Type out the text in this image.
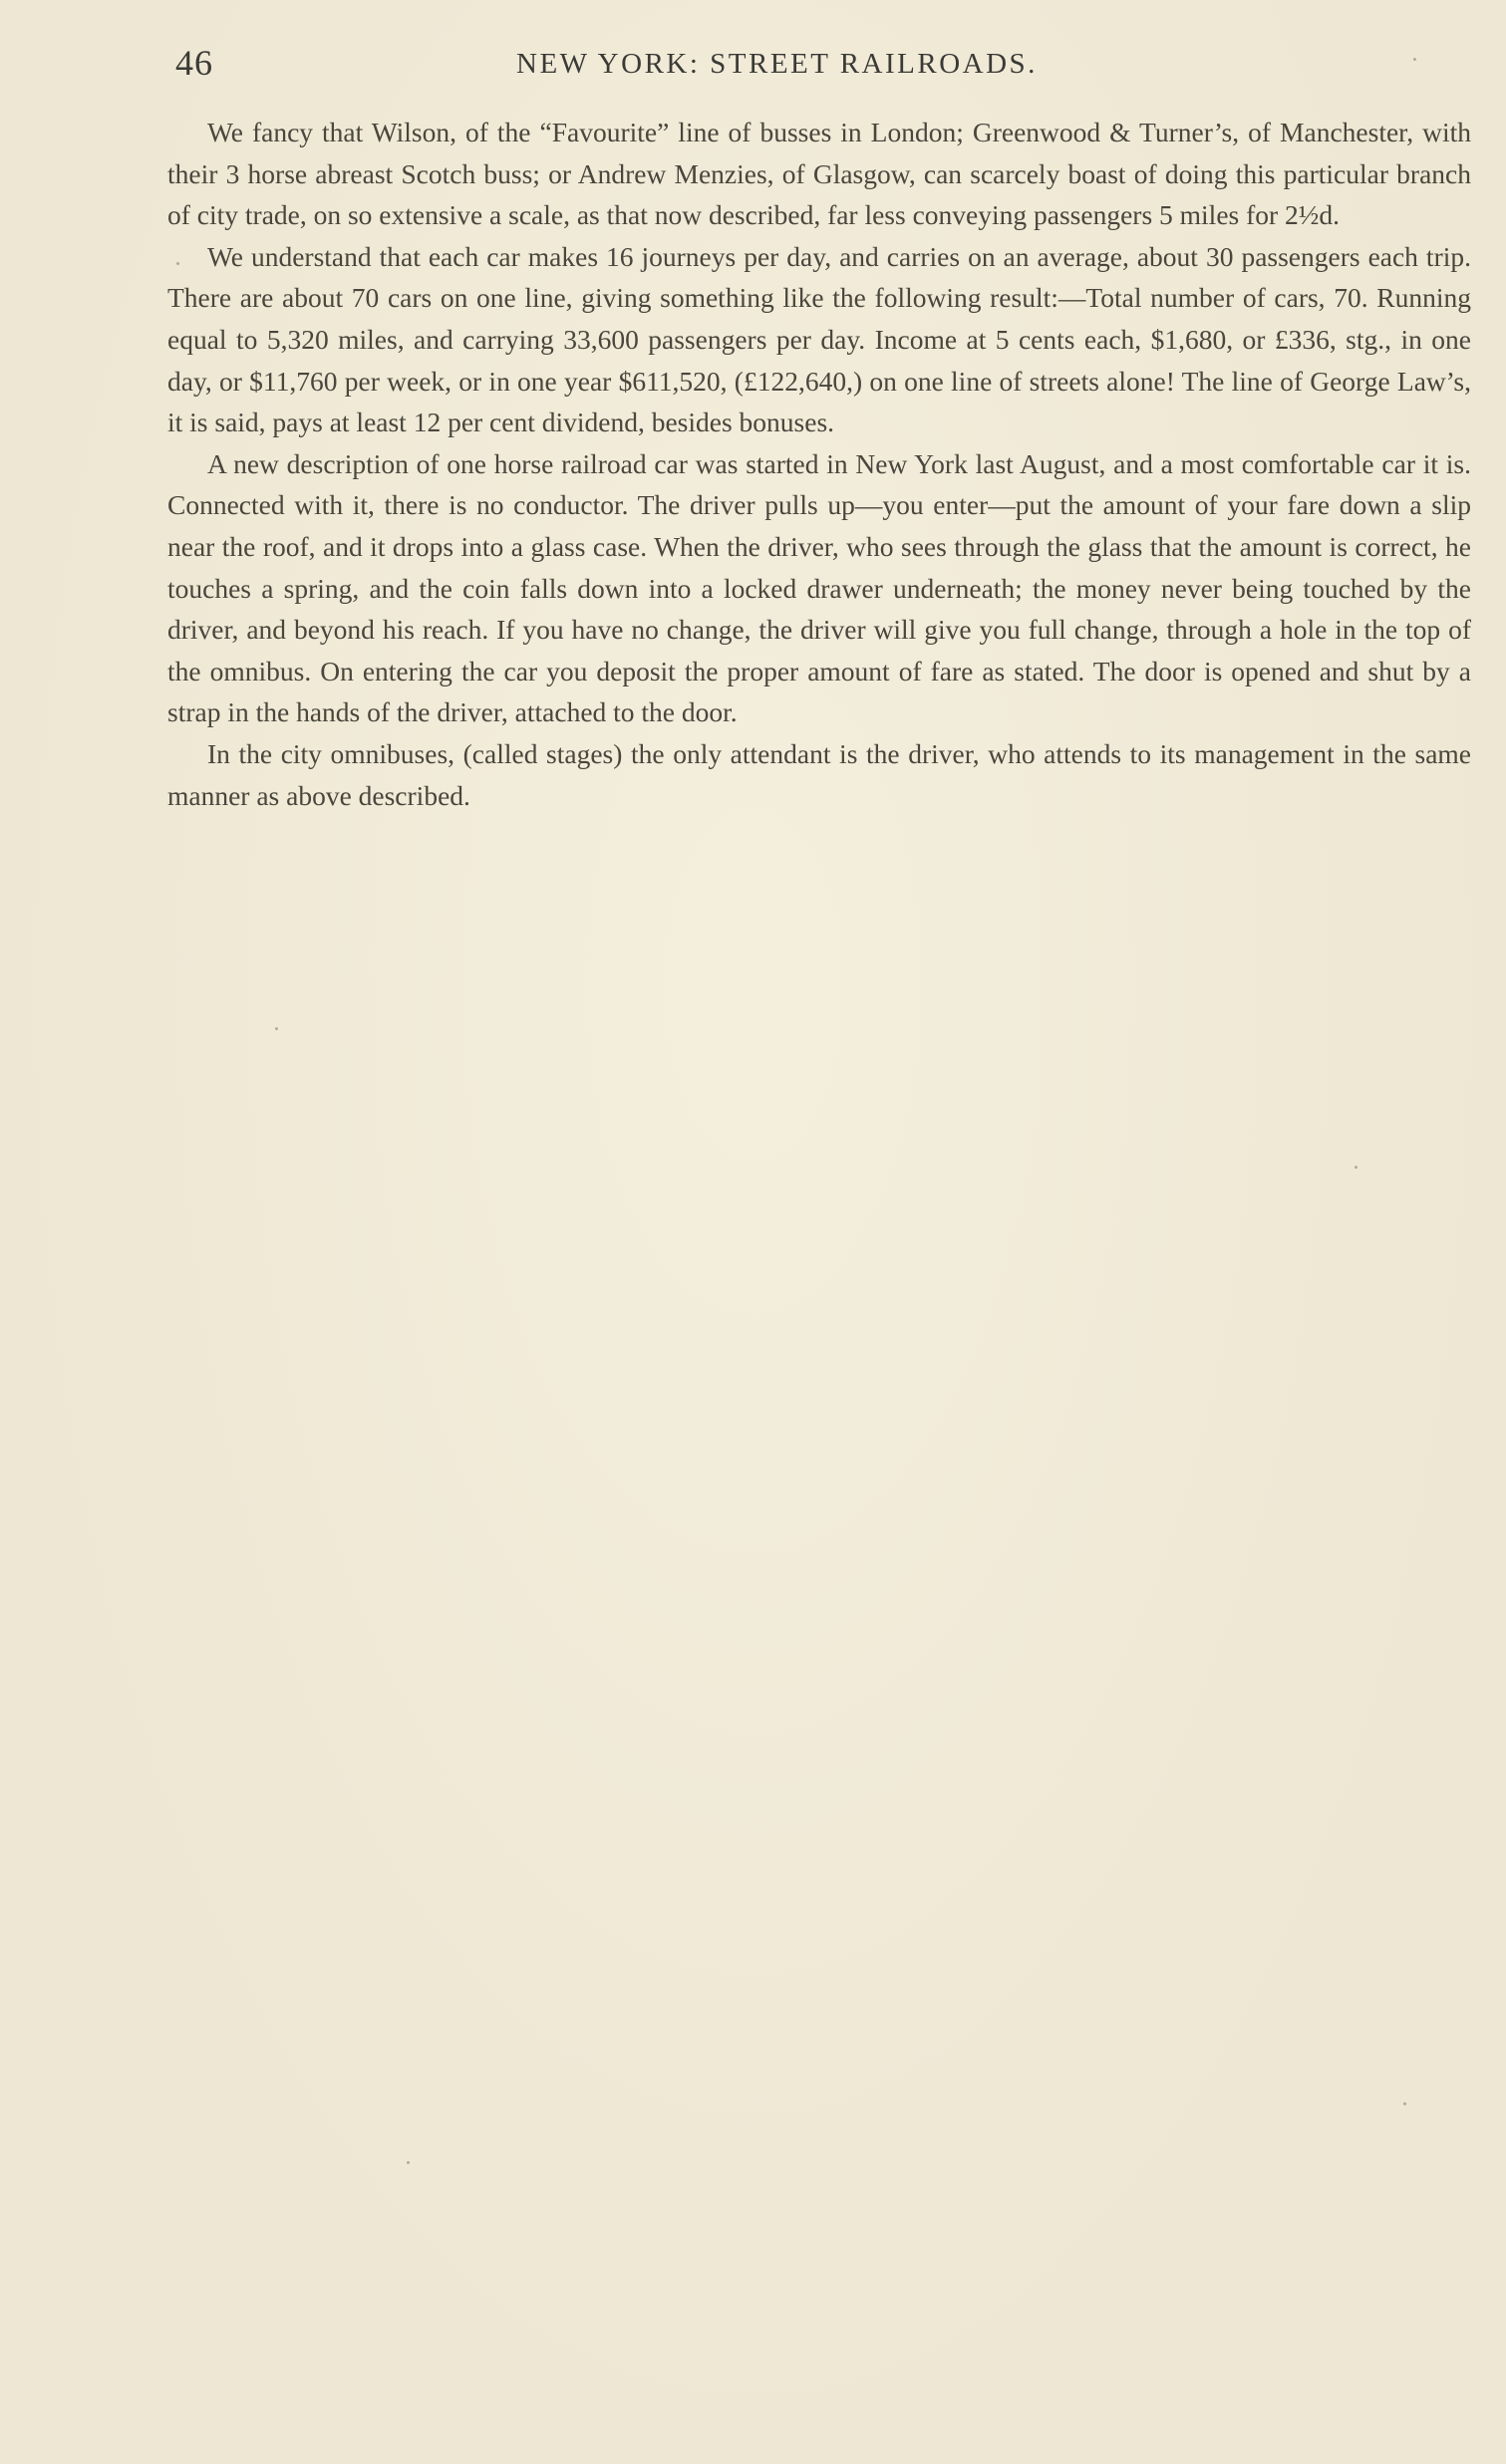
46	NEW YORK: STREET RAILROADS.

We fancy that Wilson, of the “Favourite” line of busses in London; Greenwood & Turner’s, of Manchester, with their 3 horse abreast Scotch buss; or Andrew Menzies, of Glasgow, can scarcely boast of doing this particular branch of city trade, on so extensive a scale, as that now described, far less conveying passengers 5 miles for 2½d.

We understand that each car makes 16 journeys per day, and carries on an average, about 30 passengers each trip. There are about 70 cars on one line, giving something like the following result:—Total number of cars, 70. Running equal to 5,320 miles, and carrying 33,600 passengers per day. Income at 5 cents each, $1,680, or £336, stg., in one day, or $11,760 per week, or in one year $611,520, (£122,640,) on one line of streets alone! The line of George Law’s, it is said, pays at least 12 per cent dividend, besides bonuses.

A new description of one horse railroad car was started in New York last August, and a most comfortable car it is. Connected with it, there is no conductor. The driver pulls up—you enter—put the amount of your fare down a slip near the roof, and it drops into a glass case. When the driver, who sees through the glass that the amount is correct, he touches a spring, and the coin falls down into a locked drawer underneath; the money never being touched by the driver, and beyond his reach. If you have no change, the driver will give you full change, through a hole in the top of the omnibus. On entering the car you deposit the proper amount of fare as stated. The door is opened and shut by a strap in the hands of the driver, attached to the door.

In the city omnibuses, (called stages) the only attendant is the driver, who attends to its management in the same manner as above described.
